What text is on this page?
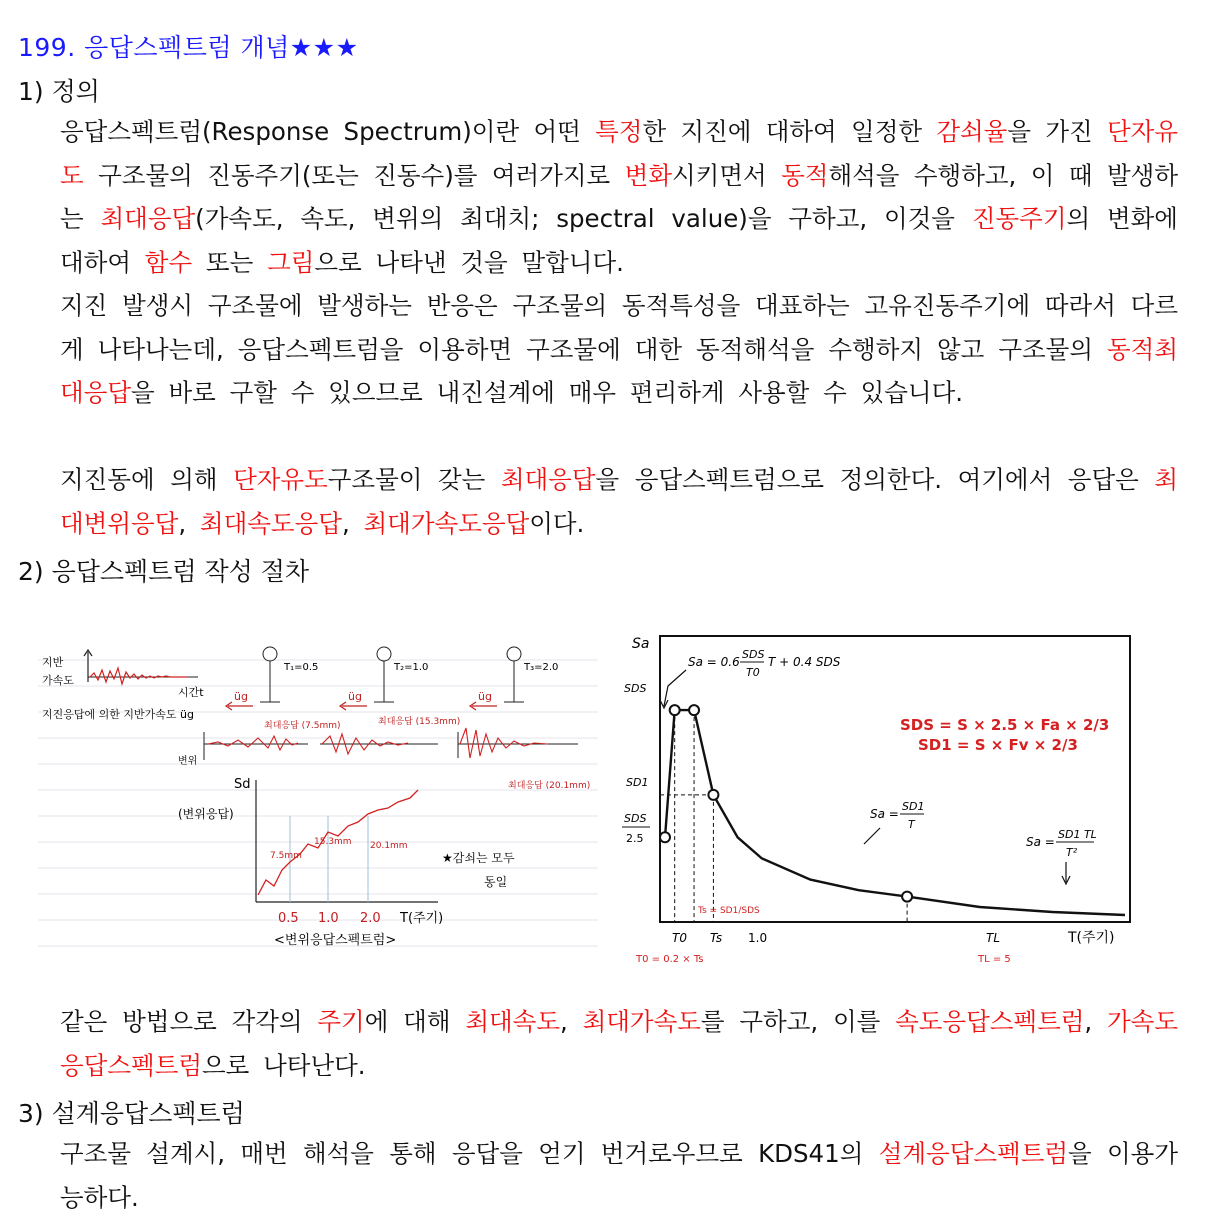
199. 응답스펙트럼 개념★★★
1) 정의
응답스펙트럼(Response Spectrum)이란 어떤 특정한 지진에 대하여 일정한 감쇠율을 가진 단자유도 구조물의 진동주기(또는 진동수)를 여러가지로 변화시키면서 동적해석을 수행하고, 이 때 발생하는 최대응답(가속도, 속도, 변위의 최대치; spectral value)을 구하고, 이것을 진동주기의 변화에 대하여 함수 또는 그림으로 나타낸 것을 말합니다.
지진 발생시 구조물에 발생하는 반응은 구조물의 동적특성을 대표하는 고유진동주기에 따라서 다르게 나타나는데, 응답스펙트럼을 이용하면 구조물에 대한 동적해석을 수행하지 않고 구조물의 동적최대응답을 바로 구할 수 있으므로 내진설계에 매우 편리하게 사용할 수 있습니다.
지진동에 의해 단자유도구조물이 갖는 최대응답을 응답스펙트럼으로 정의한다. 여기에서 응답은 최대변위응답, 최대속도응답, 최대가속도응답이다.
2) 응답스펙트럼 작성 절차
지반
가속도
시간t
지진응답에 의한 지반가속도 üg
T₁=0.5
üg
T₂=1.0
üg
T₃=2.0
üg
최대응답 (7.5mm)	최대응답 (15.3mm)
최대응답 (20.1mm)
변위
Sd
(변위응답)
7.5mm
15.3mm 20.1mm
★감쇠는 모두
동일
0.5 1.0 2.0 T(주기)
<변위응답스펙트럼>
Sa
SDS
SD1
SDS
2.5
Sa = 0.6
SDS
T0
T + 0.4 SDS
SDS = S × 2.5 × Fa × 2/3
SD1 = S × Fv × 2/3
Sa =
SD1
T
Sa =
SD1 TL
T²
Ts = SD1/SDS
T0 Ts 1.0	TL	T(주기)
T0 = 0.2 × Ts	TL = 5
같은 방법으로 각각의 주기에 대해 최대속도, 최대가속도를 구하고, 이를 속도응답스펙트럼, 가속도응답스펙트럼으로 나타난다.
3) 설계응답스펙트럼
구조물 설계시, 매번 해석을 통해 응답을 얻기 번거로우므로 KDS41의 설계응답스펙트럼을 이용가능하다.
